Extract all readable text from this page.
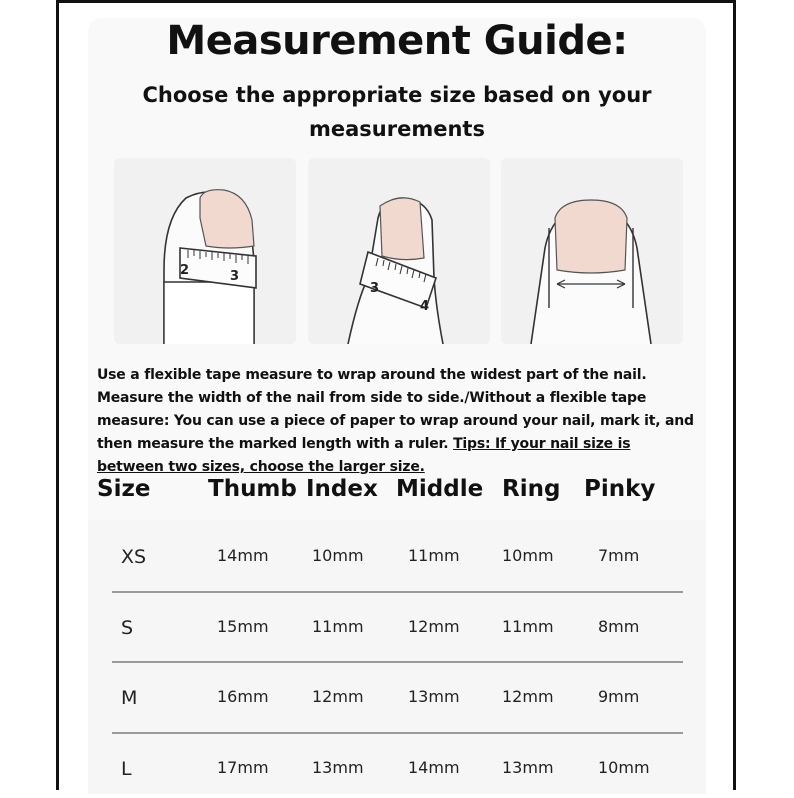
Measurement Guide:
Choose the appropriate size based on your measurements
2	3
3
4
Use a flexible tape measure to wrap around the widest part of the nail. Measure the width of the nail from side to side./Without a flexible tape measure: You can use a piece of paper to wrap around your nail, mark it, and then measure the marked length with a ruler. Tips: If your nail size is between two sizes, choose the larger size.
Size	Thumb Index Middle Ring Pinky
XS	14mm	10mm	11mm	10mm	7mm
S	15mm	11mm	12mm	11mm	8mm
M	16mm	12mm	13mm	12mm	9mm
L	17mm	13mm	14mm	13mm	10mm
